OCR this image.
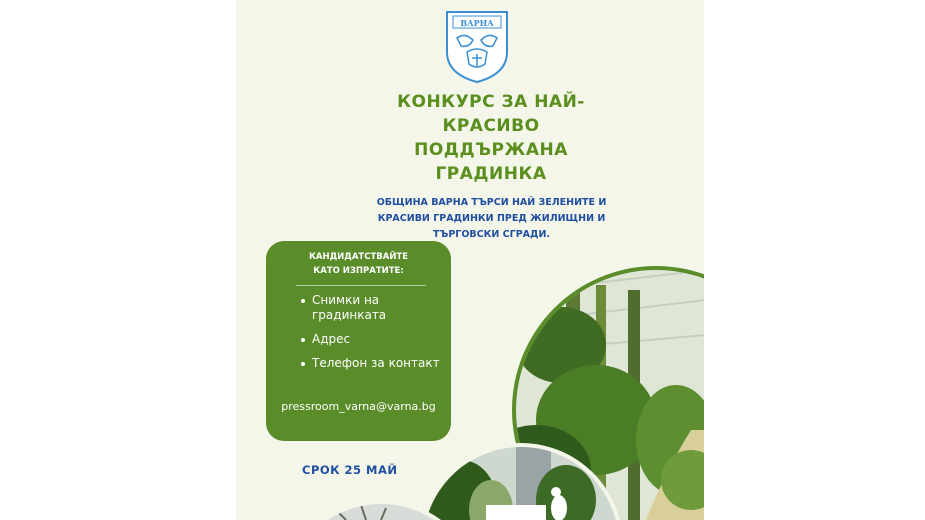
ВАРНА
КОНКУРС ЗА НАЙ-
КРАСИВО
ПОДДЪРЖАНА
ГРАДИНКА
ОБЩИНА ВАРНА ТЪРСИ НАЙ ЗЕЛЕНИТЕ И
КРАСИВИ ГРАДИНКИ ПРЕД ЖИЛИЩНИ И
ТЪРГОВСКИ СГРАДИ.
КАНДИДАТСТВАЙТЕ
КАТО ИЗПРАТИТЕ:
Снимки на градинката
Адрес
Телефон за контакт
pressroom_varna@varna.bg
СРОК 25 МАЙ
